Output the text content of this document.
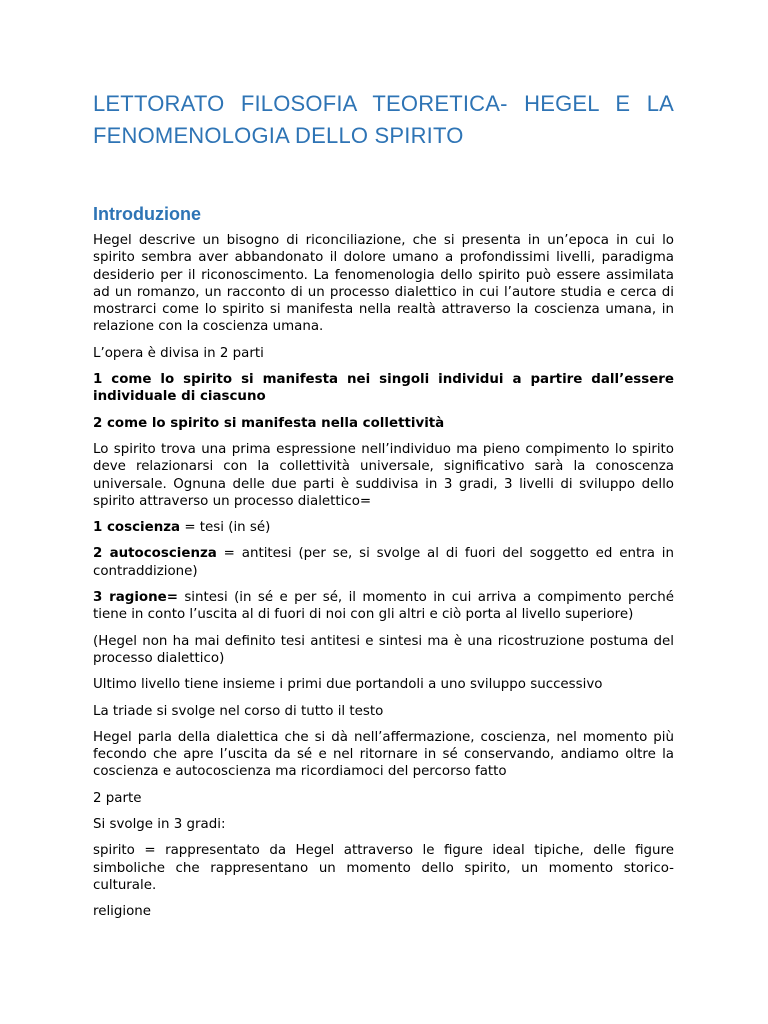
LETTORATO FILOSOFIA TEORETICA- HEGEL E LA
FENOMENOLOGIA DELLO SPIRITO
Introduzione

Hegel descrive un bisogno di riconciliazione, che si presenta in un’epoca in cui lo spirito sembra aver abbandonato il dolore umano a profondissimi livelli, paradigma desiderio per il riconoscimento. La fenomenologia dello spirito può essere assimilata ad un romanzo, un racconto di un processo dialettico in cui l’autore studia e cerca di mostrarci come lo spirito si manifesta nella realtà attraverso la coscienza umana, in relazione con la coscienza umana.

L’opera è divisa in 2 parti

1 come lo spirito si manifesta nei singoli individui a partire dall’essere individuale di ciascuno

2 come lo spirito si manifesta nella collettività

Lo spirito trova una prima espressione nell’individuo ma pieno compimento lo spirito deve relazionarsi con la collettività universale, significativo sarà la conoscenza universale. Ognuna delle due parti è suddivisa in 3 gradi, 3 livelli di sviluppo dello spirito attraverso un processo dialettico=

1 coscienza = tesi (in sé)

2 autocoscienza = antitesi (per se, si svolge al di fuori del soggetto ed entra in contraddizione)

3 ragione= sintesi (in sé e per sé, il momento in cui arriva a compimento perché tiene in conto l’uscita al di fuori di noi con gli altri e ciò porta al livello superiore)

(Hegel non ha mai definito tesi antitesi e sintesi ma è una ricostruzione postuma del processo dialettico)

Ultimo livello tiene insieme i primi due portandoli a uno sviluppo successivo

La triade si svolge nel corso di tutto il testo

Hegel parla della dialettica che si dà nell’affermazione, coscienza, nel momento più fecondo che apre l’uscita da sé e nel ritornare in sé conservando, andiamo oltre la coscienza e autocoscienza ma ricordiamoci del percorso fatto

2 parte

Si svolge in 3 gradi:

spirito = rappresentato da Hegel attraverso le figure ideal tipiche, delle figure simboliche che rappresentano un momento dello spirito, un momento storico-culturale.

religione
